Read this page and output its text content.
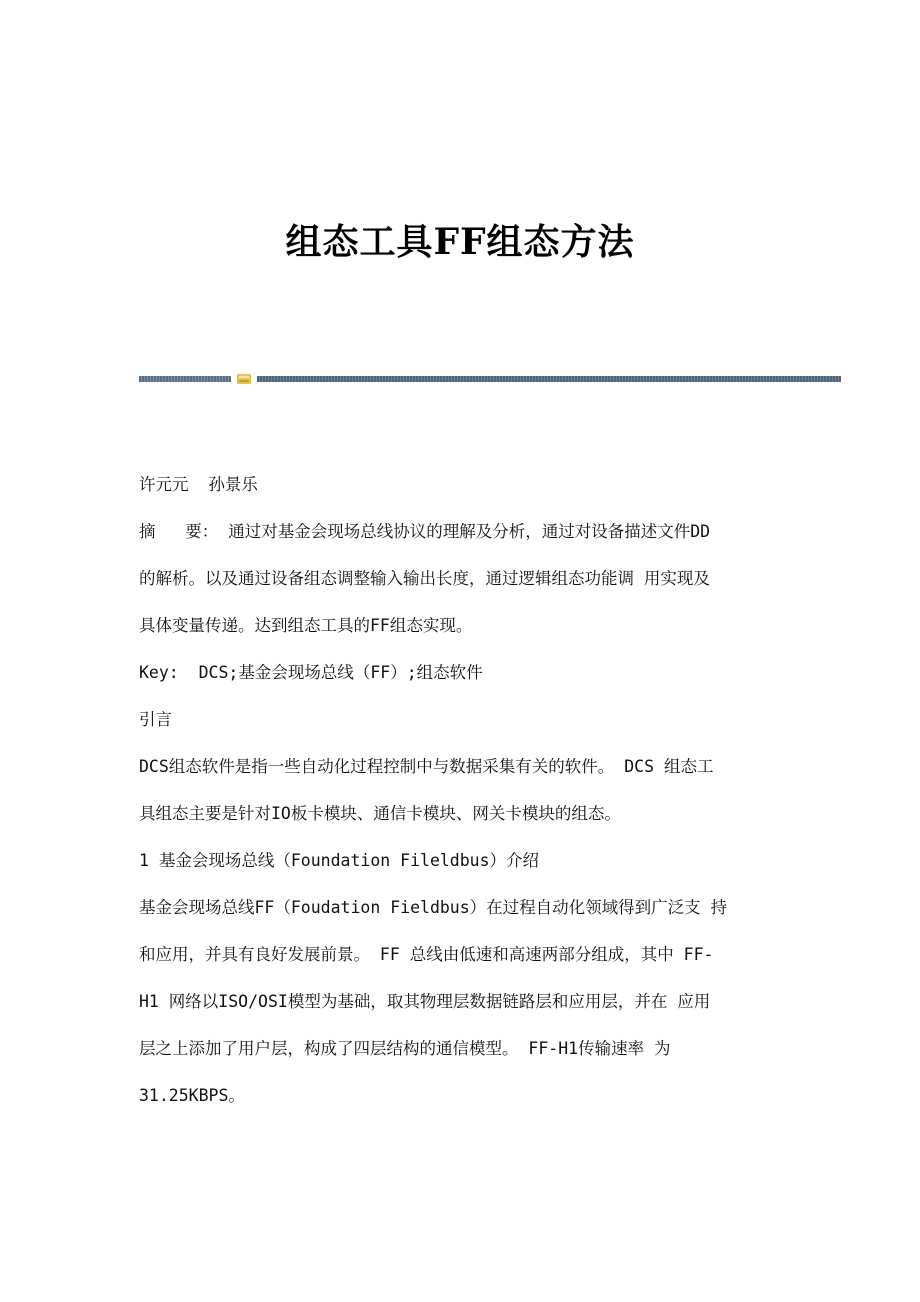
组态工具FF组态方法
许元元  孙景乐
摘   要： 通过对基金会现场总线协议的理解及分析，通过对设备描述文件DD
的解析。以及通过设备组态调整输入输出长度，通过逻辑组态功能调 用实现及
具体变量传递。达到组态工具的FF组态实现。
Key:  DCS;基金会现场总线（FF）;组态软件
引言
DCS组态软件是指一些自动化过程控制中与数据采集有关的软件。 DCS 组态工
具组态主要是针对IO板卡模块、通信卡模块、网关卡模块的组态。
1 基金会现场总线（Foundation Fileldbus）介绍
基金会现场总线FF（Foudation Fieldbus）在过程自动化领域得到广泛支 持
和应用，并具有良好发展前景。 FF 总线由低速和高速两部分组成，其中 FF-
H1 网络以ISO/OSI模型为基础，取其物理层数据链路层和应用层，并在 应用
层之上添加了用户层，构成了四层结构的通信模型。 FF-H1传输速率 为
31.25KBPS。
